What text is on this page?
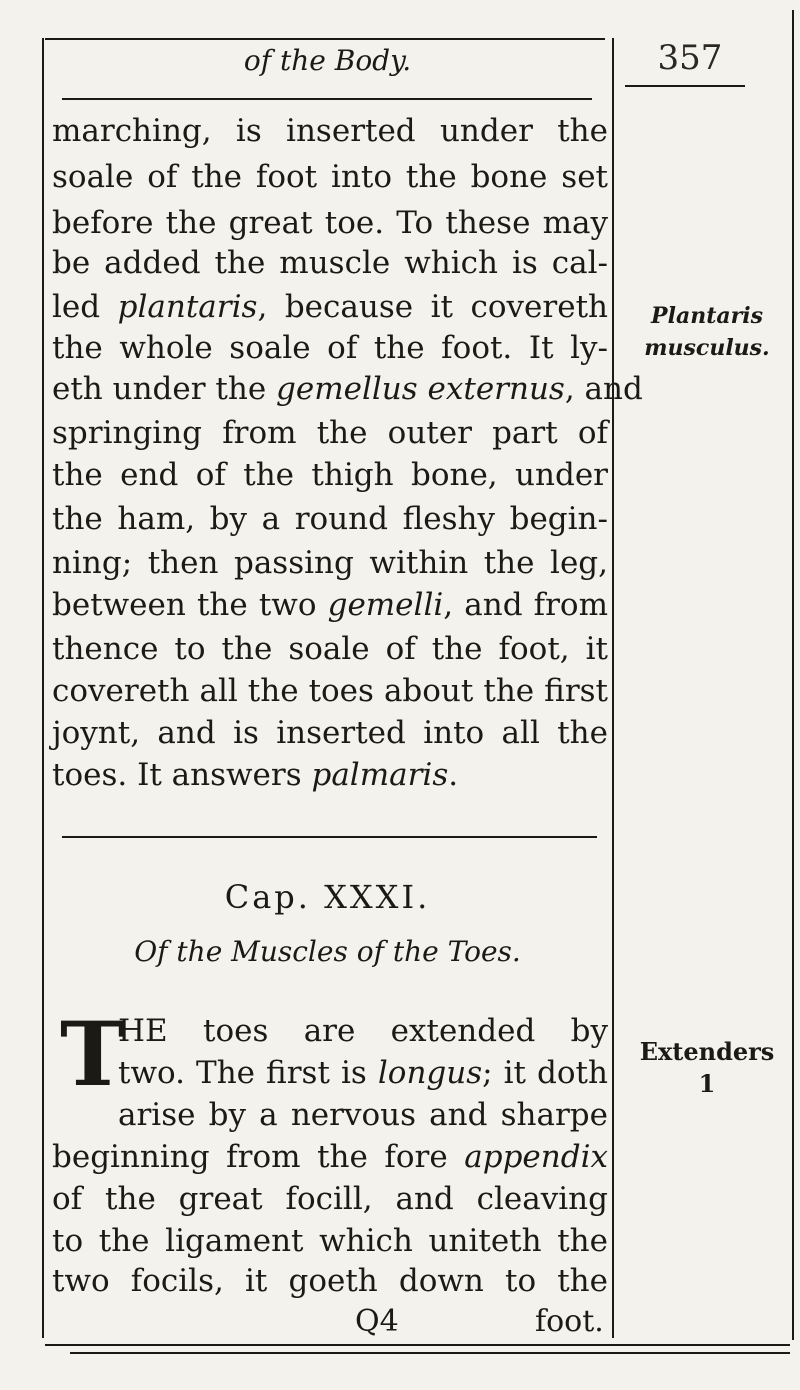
of the Body.	357
marching, is inserted under the
soale of the foot into the bone set
before the great toe. To these may
be added the muscle which is cal-
led plantaris, because it covereth
the whole soale of the foot. It ly-
eth under the gemellus externus, and
springing from the outer part of
the end of the thigh bone, under
the ham, by a round fleshy begin-
ning; then passing within the leg,
between the two gemelli, and from
thence to the soale of the foot, it
covereth all the toes about the first
joynt, and is inserted into all the
toes. It answers palmaris.
Cap. XXXI.
Of the Muscles of the Toes.
T
HE toes are extended by
two. The first is longus; it doth
arise by a nervous and sharpe
beginning from the fore appendix
of the great focill, and cleaving
to the ligament which uniteth the
two focils, it goeth down to the
Q4	foot.
Plantaris
musculus.
Extenders
1
